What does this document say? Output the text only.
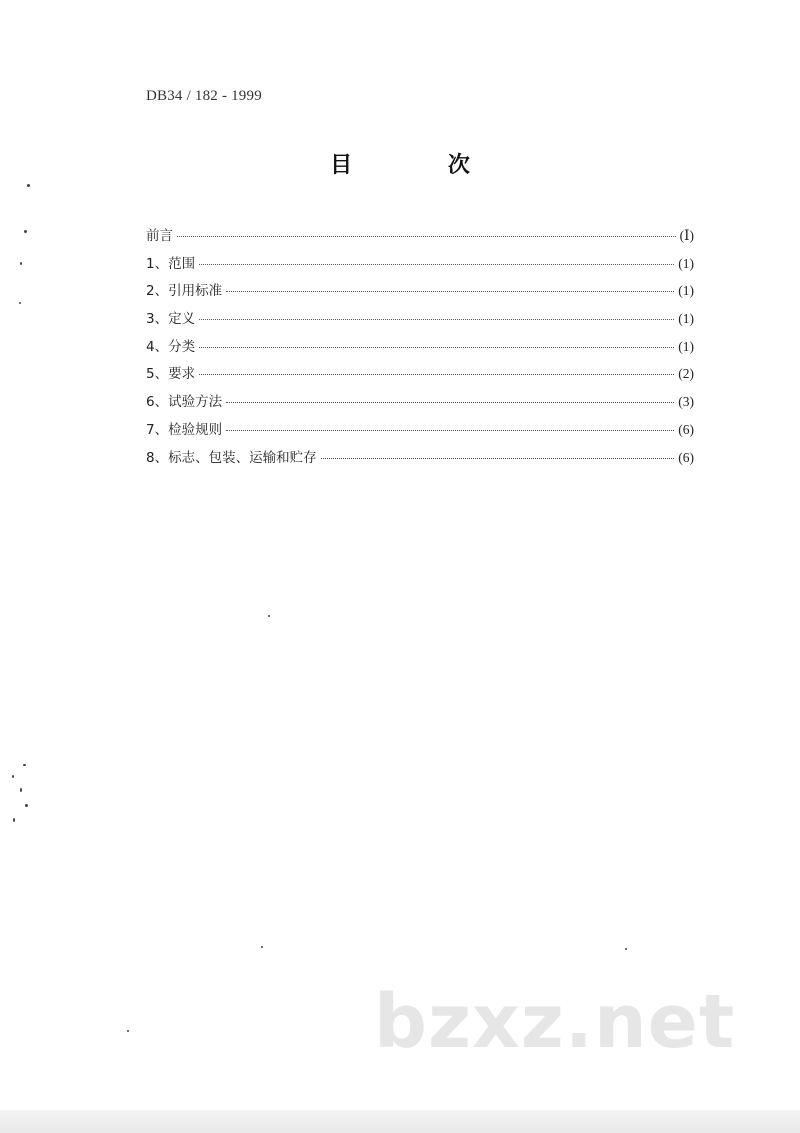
DB34 / 182 - 1999
目 次
前言	(Ⅰ)
1、范围	(1)
2、引用标准	(1)
3、定义	(1)
4、分类	(1)
5、要求	(2)
6、试验方法	(3)
7、检验规则	(6)
8、标志、包装、运输和贮存	(6)
bzxz.net
